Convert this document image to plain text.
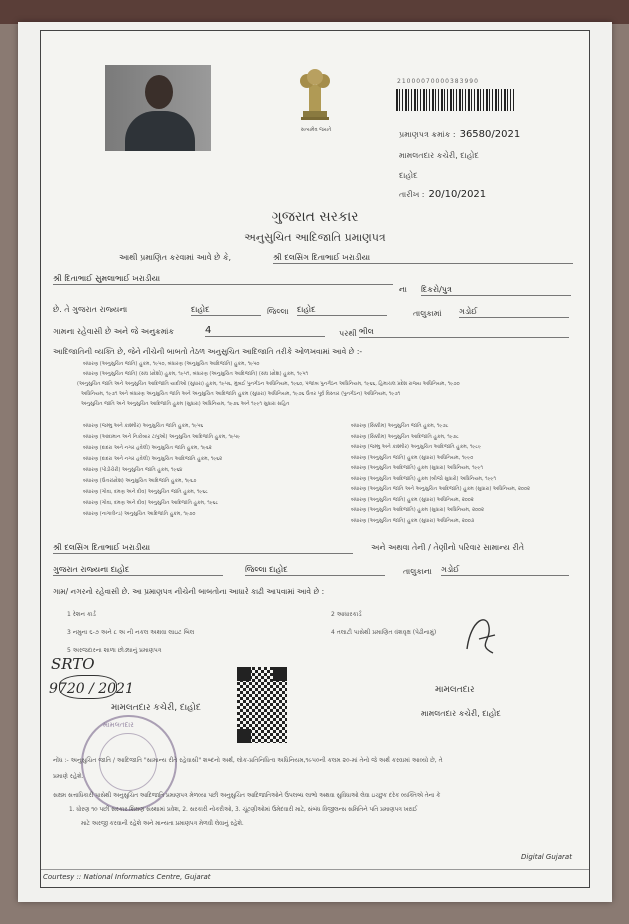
સત્યમેવ જયતે
21000070000383990
પ્રમાણપત્ર ક્રમાંક : 36580/2021
મામલતદાર કચેરી, દાહોદ
દાહોદ
તારીખ : 20/10/2021
ગુજરાત સરકાર
અનુસુચિત આદિજાતિ પ્રમાણપત્ર
આથી પ્રમાણિત કરવામાં આવે છે કે,	શ્રી દલસિંગ દિતાભાઈ ખરાડીયા
શ્રી દિતાભાઈ સુમલાભાઈ ખરાડીયા
ના દિકરો/પુત્ર
છે. તે ગુજરાત રાજ્યના	દાહોદ	જિલ્લા દાહોદ	તાલુકામાં ગડોઈ
ગામના રહેવાસી છે અને જે અનુક્રમાંક	4	પરથી ભીલ
આદિજાતિની વ્યક્તિ છે, જેને નીચેની બાબતો તેઠળ અનુસુચિત આદિજાતિ તરીકે ઓળખવામાં આવે છે :-
બંધારણ (અનુસુચિત જાતિ) હુકમ, ૧૯૫૦, બંધારણ (અનુસુચિત આદિજાતિ) હુકમ, ૧૯૫૦
બંધારણ (અનુસુચિત જાતિ) (સંઘ પ્રદેશો) હુકમ, ૧૯૫૧, બંધારણ (અનુસુચિત આદિજાતિ) (સંઘ પ્રદેશ) હુકમ, ૧૯૫૧
(અનુસુચિત જાતિ અને અનુસુચિત આદિજાતિ યાદીઓ (સુધારા) હુકમ, ૧૯૫૬, મુંબઈ પુનર્ગઠન અધિનિયમ, ૧૯૬૦, પંજાબ પુનર્ગઠન અધિનિયમ, ૧૯૬૬, હિમાચલ પ્રદેશ રાજ્ય અધિનિયમ, ૧૯૭૦
અધિનિયમ, ૧૯૭૧ અને બંધારણ અનુસુચિત જાતિ અને અનુસુચિત આદિજાતિ હુકમ (સુધારા) અધિનિયમ, ૧૯૭૬ ઉત્તર પૂર્વ વિસ્તાર (પુનર્ગઠન) અધિનિયમ, ૧૯૭૧
અનુસુચિત જાતિ અને અનુસુચિત આદિજાતિ હુકમ (સુધારા) અધિનિયમ, ૧૯૭૬ અને ૧૯૯૧ સુધારા સહિત
બંધારણ (જમ્મુ અને કાશ્મીર) અનુસુચિત જાતિ હુકમ, ૧૯૫૬
બંધારણ (આંદામાન અને નિકોબાર ટાપુઓ) અનુસુચિત આદિજાતિ હુકમ, ૧૯૫૯
બંધારણ (દાદરા અને નગર હવેલી) અનુસુચિત જાતિ હુકમ, ૧૯૬૨
બંધારણ (દાદરા અને નગર હવેલી) અનુસુચિત આદિજાતિ હુકમ, ૧૯૬૨
બંધારણ (પોંડીચેરી) અનુસુચિત જાતિ હુકમ, ૧૯૬૪
બંધારણ (ઉત્તરપ્રદેશ) અનુસુચિત આદિજાતિ હુકમ, ૧૯૬૭
બંધારણ (ગોવા, દમણ અને દીવ) અનુસુચિત જાતિ હુકમ, ૧૯૬૮
બંધારણ (ગોવા, દમણ અને દીવ) અનુસુચિત આદિજાતિ હુકમ, ૧૯૬૮
બંધારણ (નાગાલેન્ડ) અનુસુચિત આદિજાતિ હુકમ, ૧૯૭૦
બંધારણ (સિક્કીમ) અનુસુચિત જાતિ હુકમ, ૧૯૭૮
બંધારણ (સિક્કીમ) અનુસુચિત આદિજાતિ હુકમ, ૧૯૭૮
બંધારણ (જમ્મુ અને કાશ્મીર) અનુસુચિત આદિજાતિ હુકમ, ૧૯૮૯
બંધારણ (અનુસુચિત જાતિ) હુકમ (સુધારા) અધિનિયમ, ૧૯૯૦
બંધારણ (અનુસુચિત આદિજાતિ) હુકમ (સુધારા) અધિનિયમ, ૧૯૯૧
બંધારણ (અનુસુચિત આદિજાતિ) હુકમ (બીજો સુધારો) અધિનિયમ, ૧૯૯૧
બંધારણ (અનુસુચિત જાતિ અને અનુસુચિત આદિજાતિ) હુકમ (સુધારા) અધિનિયમ, ૨૦૦૨
બંધારણ (અનુસુચિત જાતિ) હુકમ (સુધારા) અધિનિયમ, ૨૦૦૨
બંધારણ (અનુસુચિત આદિજાતિ) હુકમ (સુધારા) અધિનિયમ, ૨૦૦૨
બંધારણ (અનુસુચિત જાતિ) હુકમ (સુધારા) અધિનિયમ, ૨૦૦૩
શ્રી દલસિંગ દિતાભાઈ ખરાડીયા	અને અથવા તેની / તેણીનો પરિવાર સામાન્ય રીતે
ગુજરાત રાજ્યના દાહોદ	જિલ્લા દાહોદ	તાલુકાના ગડોઈ
ગામ/ નગરનો રહેવાસી છે. આ પ્રમાણપત્ર નીચેની બાબતોના આધારે કાઢી આપવામાં આવે છે :
1 રેશન કાર્ડ	2 આધારકાર્ડ
3 નમુના ૬-૭ અને ૮ અ ની નકલ અથવા લાઇટ બિલ	4 તલાટી પાસેથી પ્રમાણિત વંશવૃક્ષ (પેઢીનામું)
5 અરજદારના શાળા છોડ્યાનું પ્રમાણપત્ર
SRTO
9720 / 2021
મામલતદાર કચેરી, દાહોદ
મામલતદાર
મામલતદાર
મામલતદાર કચેરી, દાહોદ
નોંધ :- અનુસુચિત જાતિ / આદિજાતિ "સામાન્ય રીતે રહેવાસી" શબ્દનો અર્થ, લોક-પ્રતિનિધિત્વ અધિનિયમ,૧૯૫૦ની કલમ ૨૦-માં તેનો જે અર્થ કરવામાં આવ્યો છે, તે
પ્રમાણે રહેશે.
સક્ષમ સત્તાધિકારી પાસેથી અનુસુચિત આદિજાતિ પ્રમાણપત્ર મેળવ્યા પછી અનુસુચિત આદિજાતિઓને ઉપલબ્ધ લાભો અથવા સુવિધાઓ લેવા ઇચ્છુક દરેક વ્યક્તિએ તેના કે
1. ધોરણ ૧૦ પછી સરકાર શિક્ષણ સંસ્થામાં પ્રવેશ, 2. સરકારી નોકરીઓ, 3. ચૂંટણીઓમાં ઉમેદવારી માટે, સંબંધ વિજીલન્સ સમિતિને પતિ પ્રમાણપત્ર ખરાઈ
માટે અરજી કરવાની રહેશે અને માન્યતા પ્રમાણપત્ર મેળવી લેવાનું રહેશે.
Courtesy :: National Informatics Centre, Gujarat
Digital Gujarat
